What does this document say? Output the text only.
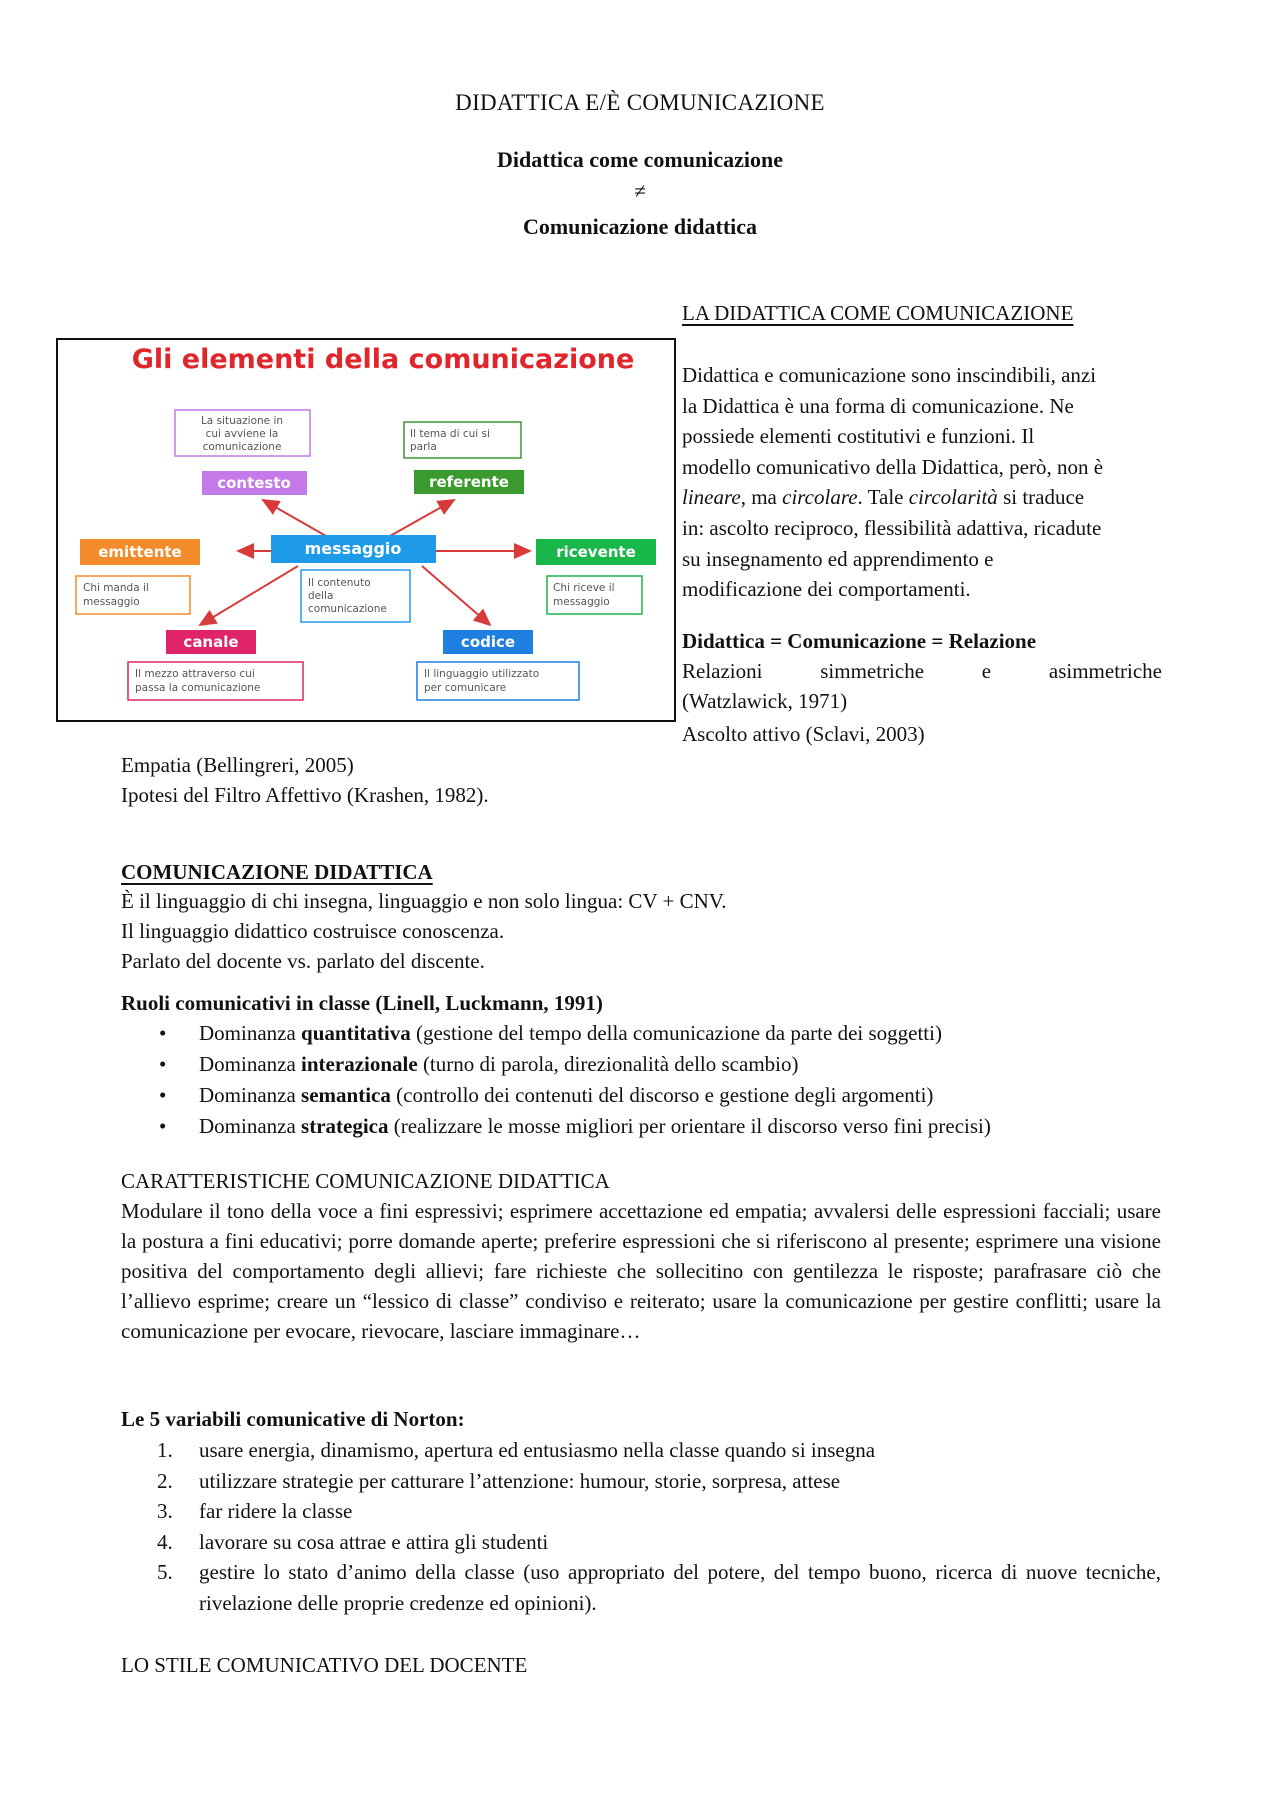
DIDATTICA E/È COMUNICAZIONE
Didattica come comunicazione
≠
Comunicazione didattica
LA DIDATTICA COME COMUNICAZIONE
Didattica e comunicazione sono inscindibili, anzi
la Didattica è una forma di comunicazione. Ne
possiede elementi costitutivi e funzioni. Il
modello comunicativo della Didattica, però, non è
lineare, ma circolare. Tale circolarità si traduce
in: ascolto reciproco, flessibilità adattiva, ricadute
su insegnamento ed apprendimento e
modificazione dei comportamenti.
Didattica = Comunicazione = Relazione
Relazioni	simmetriche	e	asimmetriche
(Watzlawick, 1971)
Ascolto attivo (Sclavi, 2003)
Empatia (Bellingreri, 2005)
Ipotesi del Filtro Affettivo (Krashen, 1982).
Gli elementi della comunicazione
La situazione in
cui avviene la
comunicazione
contesto
Il tema di cui si
parla
referente
emittente
Chi manda il
messaggio
messaggio
Il contenuto
della
comunicazione
ricevente
Chi riceve il
messaggio
canale
Il mezzo attraverso cui
passa la comunicazione
codice
Il linguaggio utilizzato
per comunicare
COMUNICAZIONE DIDATTICA
È il linguaggio di chi insegna, linguaggio e non solo lingua: CV + CNV.
Il linguaggio didattico costruisce conoscenza.
Parlato del docente vs. parlato del discente.
Ruoli comunicativi in classe (Linell, Luckmann, 1991)
• Dominanza quantitativa (gestione del tempo della comunicazione da parte dei soggetti)
• Dominanza interazionale (turno di parola, direzionalità dello scambio)
• Dominanza semantica (controllo dei contenuti del discorso e gestione degli argomenti)
• Dominanza strategica (realizzare le mosse migliori per orientare il discorso verso fini precisi)
CARATTERISTICHE COMUNICAZIONE DIDATTICA
Modulare il tono della voce a fini espressivi; esprimere accettazione ed empatia; avvalersi delle espressioni facciali; usare la postura a fini educativi; porre domande aperte; preferire espressioni che si riferiscono al presente; esprimere una visione positiva del comportamento degli allievi; fare richieste che sollecitino con gentilezza le risposte; parafrasare ciò che l’allievo esprime; creare un “lessico di classe” condiviso e reiterato; usare la comunicazione per gestire conflitti; usare la comunicazione per evocare, rievocare, lasciare immaginare…
Le 5 variabili comunicative di Norton:
1. usare energia, dinamismo, apertura ed entusiasmo nella classe quando si insegna
2. utilizzare strategie per catturare l’attenzione: humour, storie, sorpresa, attese
3. far ridere la classe
4. lavorare su cosa attrae e attira gli studenti
5. gestire lo stato d’animo della classe (uso appropriato del potere, del tempo buono, ricerca di nuove tecniche, rivelazione delle proprie credenze ed opinioni).
LO STILE COMUNICATIVO DEL DOCENTE
